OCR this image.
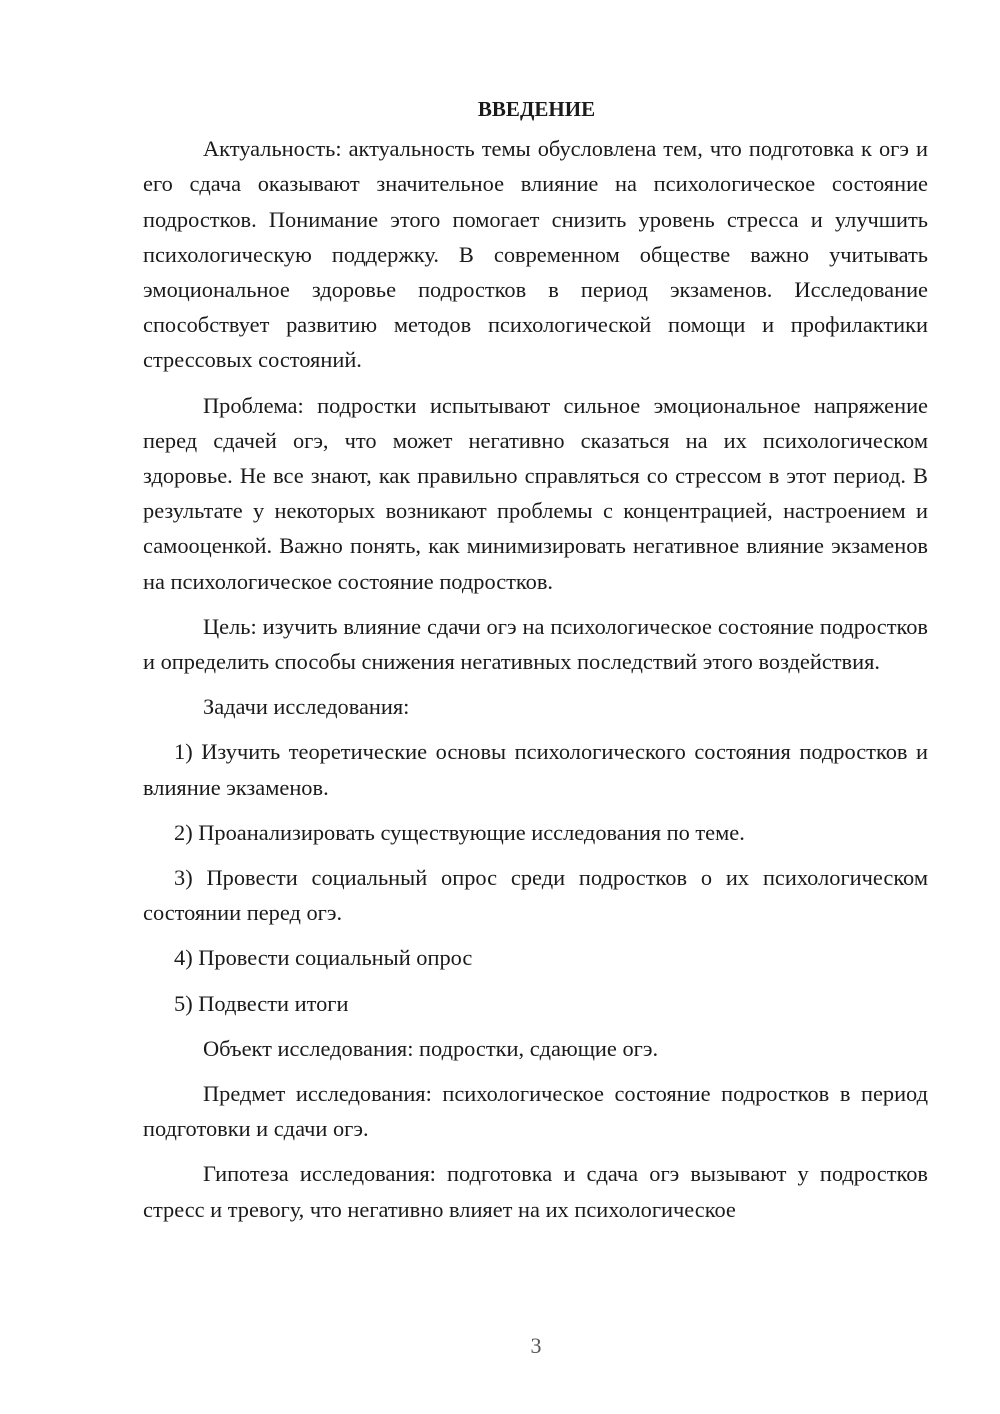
ВВЕДЕНИЕ
Актуальность: актуальность темы обусловлена тем, что подготовка к огэ и его сдача оказывают значительное влияние на психологическое состояние подростков. Понимание этого помогает снизить уровень стресса и улучшить психологическую поддержку. В современном обществе важно учитывать эмоциональное здоровье подростков в период экзаменов. Исследование способствует развитию методов психологической помощи и профилактики стрессовых состояний.
Проблема: подростки испытывают сильное эмоциональное напряжение перед сдачей огэ, что может негативно сказаться на их психологическом здоровье. Не все знают, как правильно справляться со стрессом в этот период. В результате у некоторых возникают проблемы с концентрацией, настроением и самооценкой. Важно понять, как минимизировать негативное влияние экзаменов на психологическое состояние подростков.
Цель: изучить влияние сдачи огэ на психологическое состояние подростков и определить способы снижения негативных последствий этого воздействия.
Задачи исследования:
1) Изучить теоретические основы психологического состояния подростков и влияние экзаменов.
2) Проанализировать существующие исследования по теме.
3) Провести социальный опрос среди подростков о их психологическом состоянии перед огэ.
4) Провести социальный опрос
5) Подвести итоги
Объект исследования: подростки, сдающие огэ.
Предмет исследования: психологическое состояние подростков в период подготовки и сдачи огэ.
Гипотеза исследования: подготовка и сдача огэ вызывают у подростков стресс и тревогу, что негативно влияет на их психологическое
3
